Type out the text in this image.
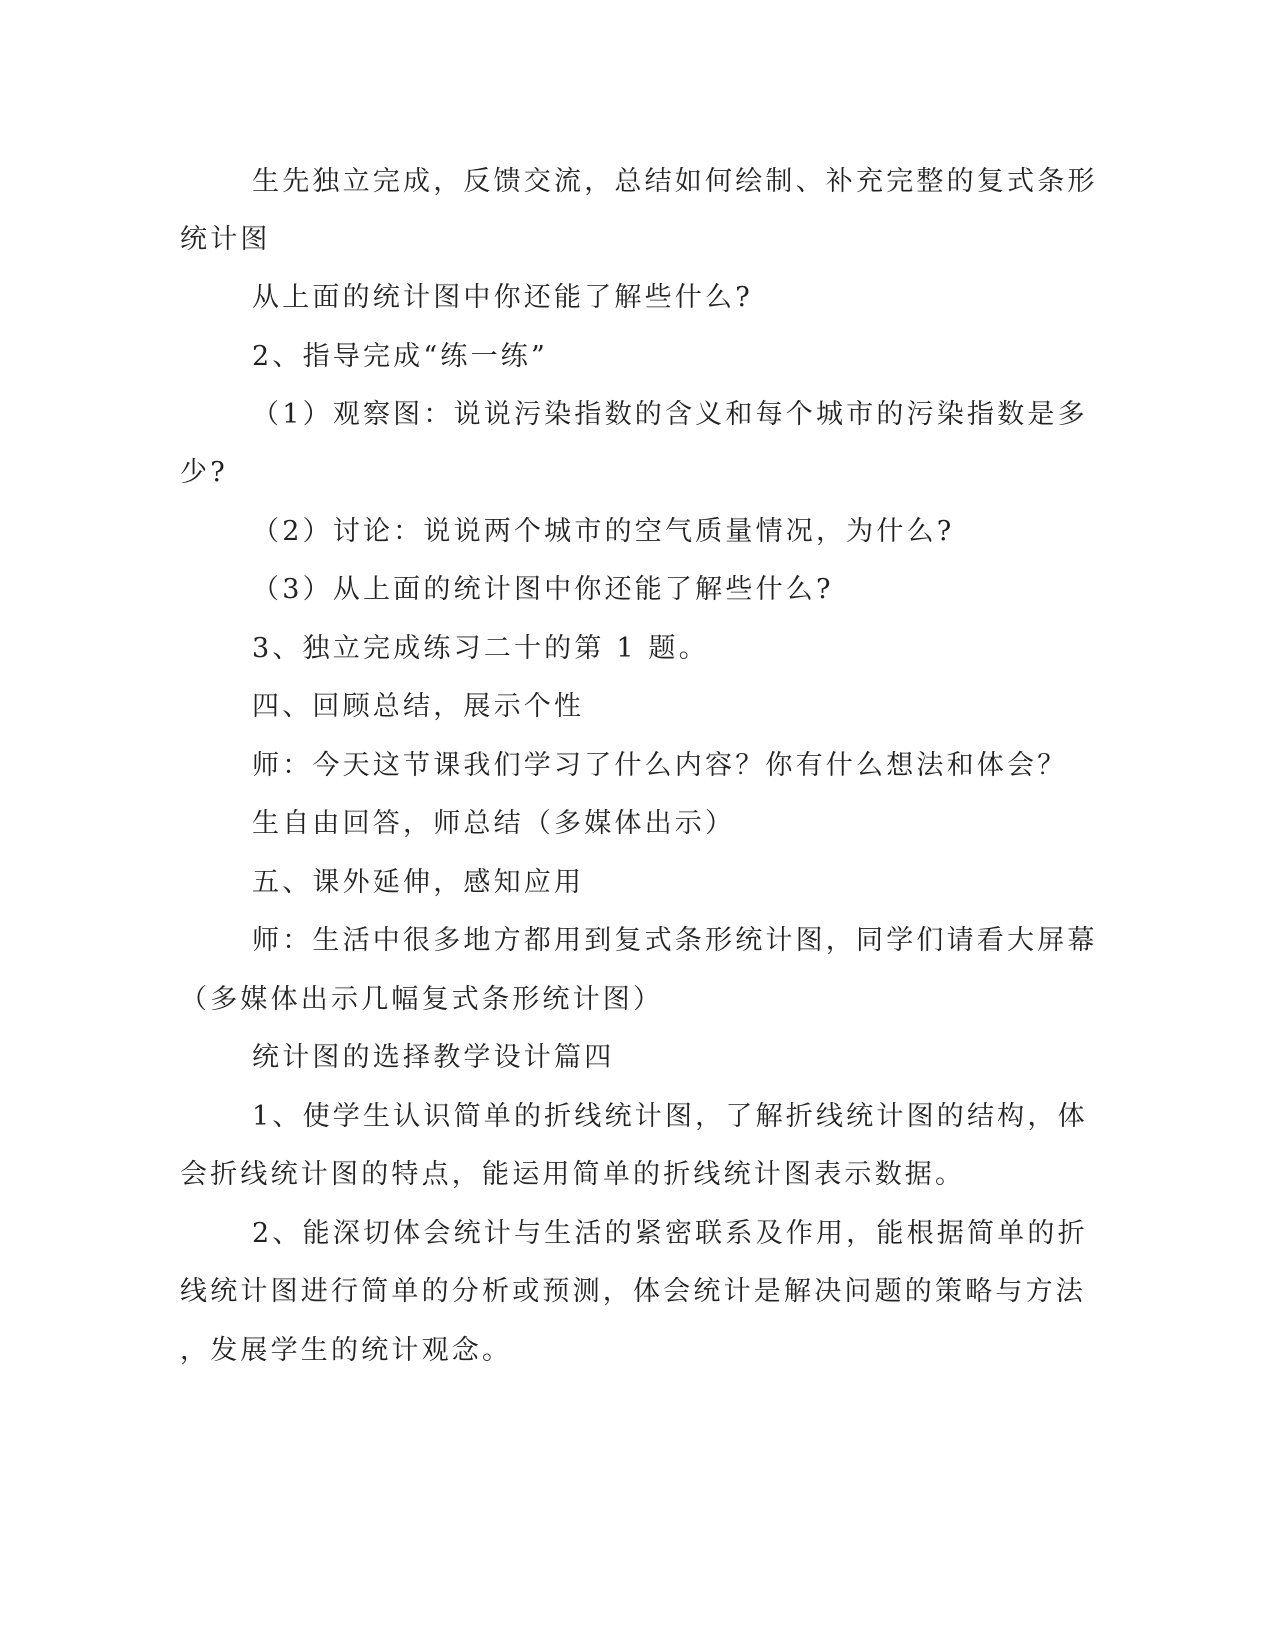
生先独立完成，反馈交流，总结如何绘制、补充完整的复式条形
统计图
从上面的统计图中你还能了解些什么?
2、指导完成“练一练”
（1）观察图：说说污染指数的含义和每个城市的污染指数是多
少?
（2）讨论：说说两个城市的空气质量情况，为什么?
（3）从上面的统计图中你还能了解些什么?
3、独立完成练习二十的第 1 题。
四、回顾总结，展示个性
师：今天这节课我们学习了什么内容？你有什么想法和体会？
生自由回答，师总结（多媒体出示）
五、课外延伸，感知应用
师：生活中很多地方都用到复式条形统计图，同学们请看大屏幕
（多媒体出示几幅复式条形统计图）
统计图的选择教学设计篇四
1、使学生认识简单的折线统计图，了解折线统计图的结构，体
会折线统计图的特点，能运用简单的折线统计图表示数据。
2、能深切体会统计与生活的紧密联系及作用，能根据简单的折
线统计图进行简单的分析或预测，体会统计是解决问题的策略与方法
，发展学生的统计观念。
